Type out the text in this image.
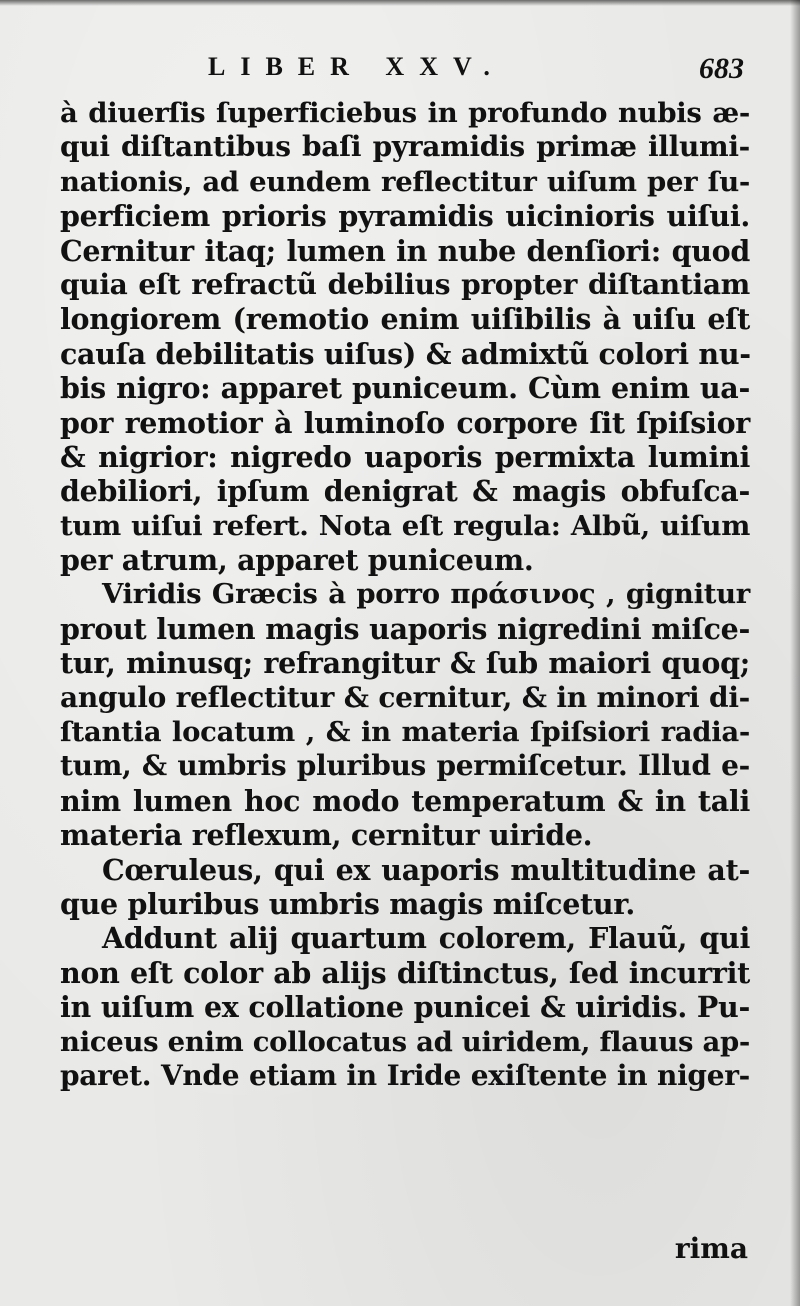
LIBER XXV.	683
à diuerſis ſuperficiebus in profundo nubis æ-
qui diſtantibus baſi pyramidis primæ illumi-
nationis, ad eundem reflectitur uiſum per ſu-
perficiem prioris pyramidis uicinioris uiſui.
Cernitur itaq; lumen in nube denſiori: quod
quia eſt refractũ debilius propter diſtantiam
longiorem (remotio enim uiſibilis à uiſu eſt
cauſa debilitatis uiſus) & admixtũ colori nu-
bis nigro: apparet puniceum. Cùm enim ua-
por remotior à luminoſo corpore ſit ſpiſsior
& nigrior: nigredo uaporis permixta lumini
debiliori, ipſum denigrat & magis obfuſca-
tum uiſui refert. Nota eſt regula: Albũ, uiſum
per atrum, apparet puniceum.
Viridis Græcis à porro πράσινος , gignitur
prout lumen magis uaporis nigredini miſce-
tur, minusq; refrangitur & ſub maiori quoq;
angulo reflectitur & cernitur, & in minori di-
ſtantia locatum , & in materia ſpiſsiori radia-
tum, & umbris pluribus permiſcetur. Illud e-
nim lumen hoc modo temperatum & in tali
materia reflexum, cernitur uiride.
Cœruleus, qui ex uaporis multitudine at-
que pluribus umbris magis miſcetur.
Addunt alij quartum colorem, Flauũ, qui
non eſt color ab alijs diſtinctus, ſed incurrit
in uiſum ex collatione punicei & uiridis. Pu-
niceus enim collocatus ad uiridem, flauus ap-
paret. Vnde etiam in Iride exiſtente in niger-
rima
